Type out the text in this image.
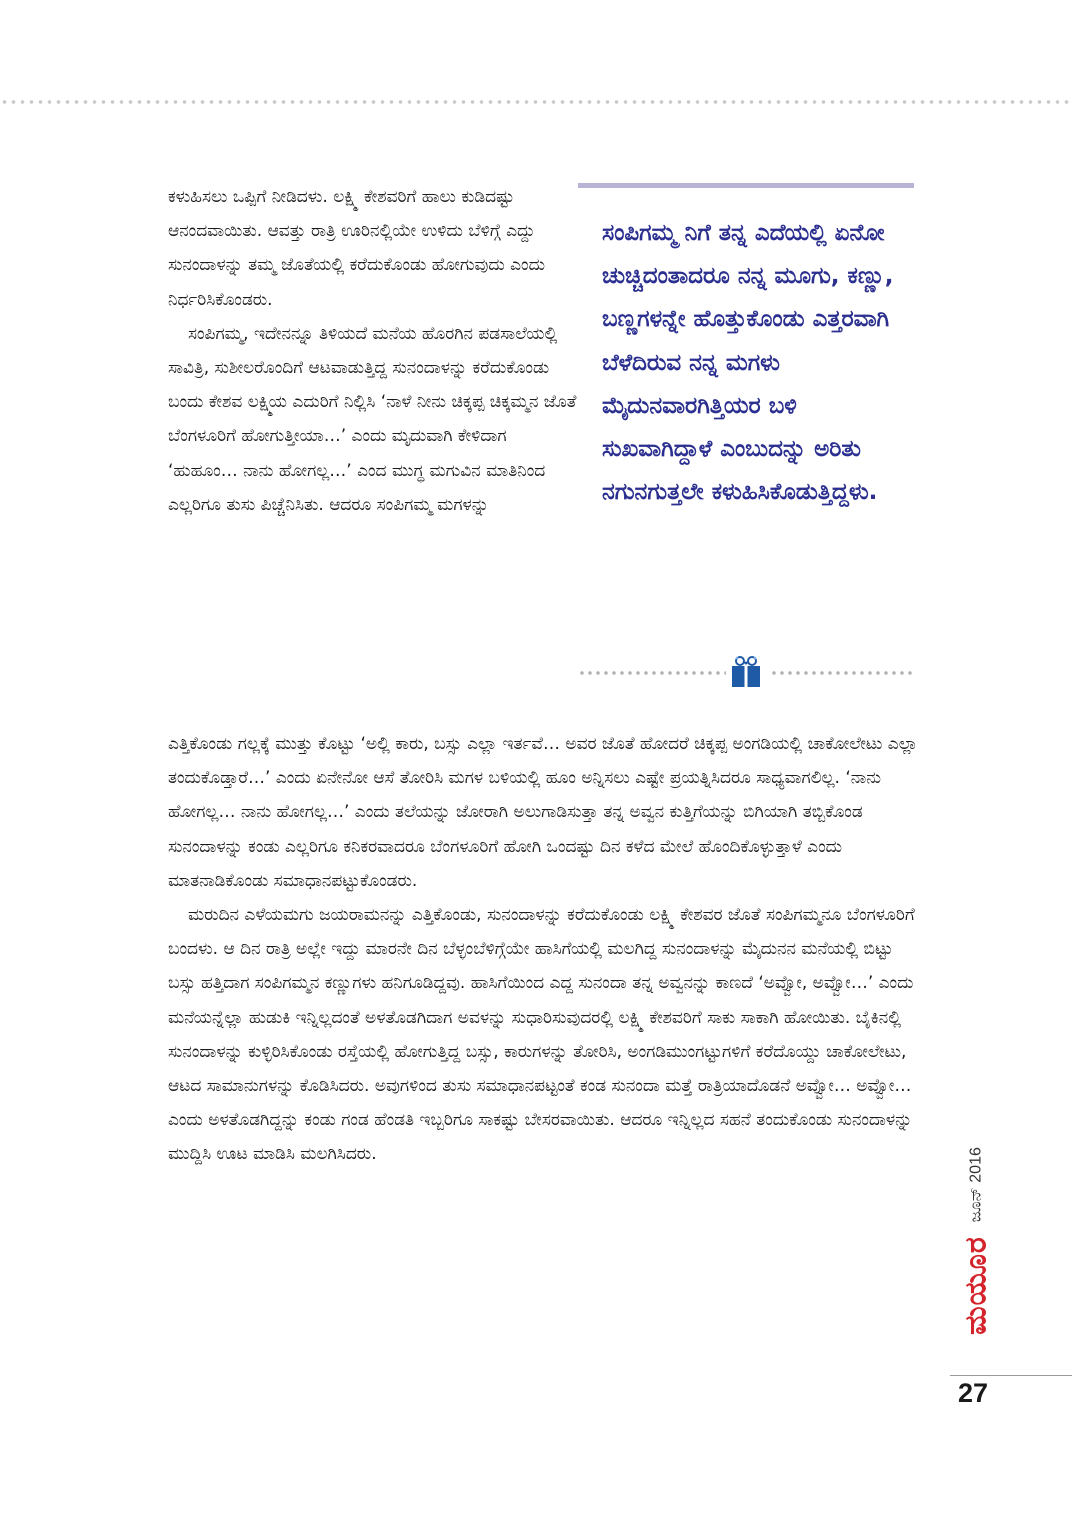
ಕಳುಹಿಸಲು ಒಪ್ಪಿಗೆ ನೀಡಿದಳು. ಲಕ್ಷ್ಮಿ ಕೇಶವರಿಗೆ ಹಾಲು ಕುಡಿದಷ್ಟು ಆನಂದವಾಯಿತು. ಆವತ್ತು ರಾತ್ರಿ ಊರಿನಲ್ಲಿಯೇ ಉಳಿದು ಬೆಳಿಗ್ಗೆ ಎದ್ದು ಸುನಂದಾಳನ್ನು ತಮ್ಮ ಜೊತೆಯಲ್ಲಿ ಕರೆದುಕೊಂಡು ಹೋಗುವುದು ಎಂದು ನಿರ್ಧರಿಸಿಕೊಂಡರು.

ಸಂಪಿಗಮ್ಮ, ಇದೇನನ್ನೂ ತಿಳಿಯದೆ ಮನೆಯ ಹೊರಗಿನ ಪಡಸಾಲೆಯಲ್ಲಿ ಸಾವಿತ್ರಿ, ಸುಶೀಲರೊಂದಿಗೆ ಆಟವಾಡುತ್ತಿದ್ದ ಸುನಂದಾಳನ್ನು ಕರೆದುಕೊಂಡು ಬಂದು ಕೇಶವ ಲಕ್ಷ್ಮಿಯ ಎದುರಿಗೆ ನಿಲ್ಲಿಸಿ ‘ನಾಳೆ ನೀನು ಚಿಕ್ಕಪ್ಪ ಚಿಕ್ಕಮ್ಮನ ಜೊತೆ ಬೆಂಗಳೂರಿಗೆ ಹೋಗುತ್ತೀಯಾ…’ ಎಂದು ಮೃದುವಾಗಿ ಕೇಳಿದಾಗ ‘ಹುಹೂಂ… ನಾನು ಹೋಗಲ್ಲ…’ ಎಂದ ಮುಗ್ಧ ಮಗುವಿನ ಮಾತಿನಿಂದ ಎಲ್ಲರಿಗೂ ತುಸು ಪಿಚ್ಚೆನಿಸಿತು. ಆದರೂ ಸಂಪಿಗಮ್ಮ ಮಗಳನ್ನು

ಸಂಪಿಗಮ್ಮ ನಿಗೆ ತನ್ನ ಎದೆಯಲ್ಲಿ ಏನೋ ಚುಚ್ಚಿದಂತಾದರೂ ನನ್ನ ಮೂಗು, ಕಣ್ಣು, ಬಣ್ಣಗಳನ್ನೇ ಹೊತ್ತುಕೊಂಡು ಎತ್ತರವಾಗಿ ಬೆಳೆದಿರುವ ನನ್ನ ಮಗಳು ಮೈದುನವಾರಗಿತ್ತಿಯರ ಬಳಿ ಸುಖವಾಗಿದ್ದಾಳೆ ಎಂಬುದನ್ನು ಅರಿತು ನಗುನಗುತ್ತಲೇ ಕಳುಹಿಸಿಕೊಡುತ್ತಿದ್ದಳು.

ಎತ್ತಿಕೊಂಡು ಗಲ್ಲಕ್ಕೆ ಮುತ್ತು ಕೊಟ್ಟು ‘ಅಲ್ಲಿ ಕಾರು, ಬಸ್ಸು ಎಲ್ಲಾ ಇರ್ತವೆ… ಅವರ ಜೊತೆ ಹೋದರೆ ಚಿಕ್ಕಪ್ಪ ಅಂಗಡಿಯಲ್ಲಿ ಚಾಕೋಲೇಟು ಎಲ್ಲಾ ತಂದುಕೊಡ್ತಾರೆ…’ ಎಂದು ಏನೇನೋ ಆಸೆ ತೋರಿಸಿ ಮಗಳ ಬಳಿಯಲ್ಲಿ ಹೂಂ ಅನ್ನಿಸಲು ಎಷ್ಟೇ ಪ್ರಯತ್ನಿಸಿದರೂ ಸಾಧ್ಯವಾಗಲಿಲ್ಲ. ‘ನಾನು ಹೋಗಲ್ಲ… ನಾನು ಹೋಗಲ್ಲ…’ ಎಂದು ತಲೆಯನ್ನು ಜೋರಾಗಿ ಅಲುಗಾಡಿಸುತ್ತಾ ತನ್ನ ಅವ್ವನ ಕುತ್ತಿಗೆಯನ್ನು ಬಿಗಿಯಾಗಿ ತಬ್ಬಿಕೊಂಡ ಸುನಂದಾಳನ್ನು ಕಂಡು ಎಲ್ಲರಿಗೂ ಕನಿಕರವಾದರೂ ಬೆಂಗಳೂರಿಗೆ ಹೋಗಿ ಒಂದಷ್ಟು ದಿನ ಕಳೆದ ಮೇಲೆ ಹೊಂದಿಕೊಳ್ಳುತ್ತಾಳೆ ಎಂದು ಮಾತನಾಡಿಕೊಂಡು ಸಮಾಧಾನಪಟ್ಟುಕೊಂಡರು.

ಮರುದಿನ ಎಳೆಯಮಗು ಜಯರಾಮನನ್ನು ಎತ್ತಿಕೊಂಡು, ಸುನಂದಾಳನ್ನು ಕರೆದುಕೊಂಡು ಲಕ್ಷ್ಮಿ ಕೇಶವರ ಜೊತೆ ಸಂಪಿಗಮ್ಮನೂ ಬೆಂಗಳೂರಿಗೆ ಬಂದಳು. ಆ ದಿನ ರಾತ್ರಿ ಅಲ್ಲೇ ಇದ್ದು ಮಾರನೇ ದಿನ ಬೆಳ್ಳಂಬೆಳಿಗ್ಗೆಯೇ ಹಾಸಿಗೆಯಲ್ಲಿ ಮಲಗಿದ್ದ ಸುನಂದಾಳನ್ನು ಮೈದುನನ ಮನೆಯಲ್ಲಿ ಬಿಟ್ಟು ಬಸ್ಸು ಹತ್ತಿದಾಗ ಸಂಪಿಗಮ್ಮನ ಕಣ್ಣುಗಳು ಹನಿಗೂಡಿದ್ದವು. ಹಾಸಿಗೆಯಿಂದ ಎದ್ದ ಸುನಂದಾ ತನ್ನ ಅವ್ವನನ್ನು ಕಾಣದೆ ‘ಅವ್ವೋ, ಅವ್ವೋ…’ ಎಂದು ಮನೆಯನ್ನೆಲ್ಲಾ ಹುಡುಕಿ ಇನ್ನಿಲ್ಲದಂತೆ ಅಳತೊಡಗಿದಾಗ ಅವಳನ್ನು ಸುಧಾರಿಸುವುದರಲ್ಲಿ ಲಕ್ಷ್ಮಿ ಕೇಶವರಿಗೆ ಸಾಕು ಸಾಕಾಗಿ ಹೋಯಿತು. ಬೈಕಿನಲ್ಲಿ ಸುನಂದಾಳನ್ನು ಕುಳ್ಳಿರಿಸಿಕೊಂಡು ರಸ್ತೆಯಲ್ಲಿ ಹೋಗುತ್ತಿದ್ದ ಬಸ್ಸು, ಕಾರುಗಳನ್ನು ತೋರಿಸಿ, ಅಂಗಡಿಮುಂಗಟ್ಟುಗಳಿಗೆ ಕರೆದೊಯ್ದು ಚಾಕೋಲೇಟು, ಆಟದ ಸಾಮಾನುಗಳನ್ನು ಕೊಡಿಸಿದರು. ಅವುಗಳಿಂದ ತುಸು ಸಮಾಧಾನಪಟ್ಟಂತೆ ಕಂಡ ಸುನಂದಾ ಮತ್ತೆ ರಾತ್ರಿಯಾದೊಡನೆ ಅವ್ವೋ… ಅವ್ವೋ… ಎಂದು ಅಳತೊಡಗಿದ್ದನ್ನು ಕಂಡು ಗಂಡ ಹೆಂಡತಿ ಇಬ್ಬರಿಗೂ ಸಾಕಷ್ಟು ಬೇಸರವಾಯಿತು. ಆದರೂ ಇನ್ನಿಲ್ಲದ ಸಹನೆ ತಂದುಕೊಂಡು ಸುನಂದಾಳನ್ನು ಮುದ್ದಿಸಿ ಊಟ ಮಾಡಿಸಿ ಮಲಗಿಸಿದರು.

ಮಯೂರ
ಜೂನ್ 2016
27
